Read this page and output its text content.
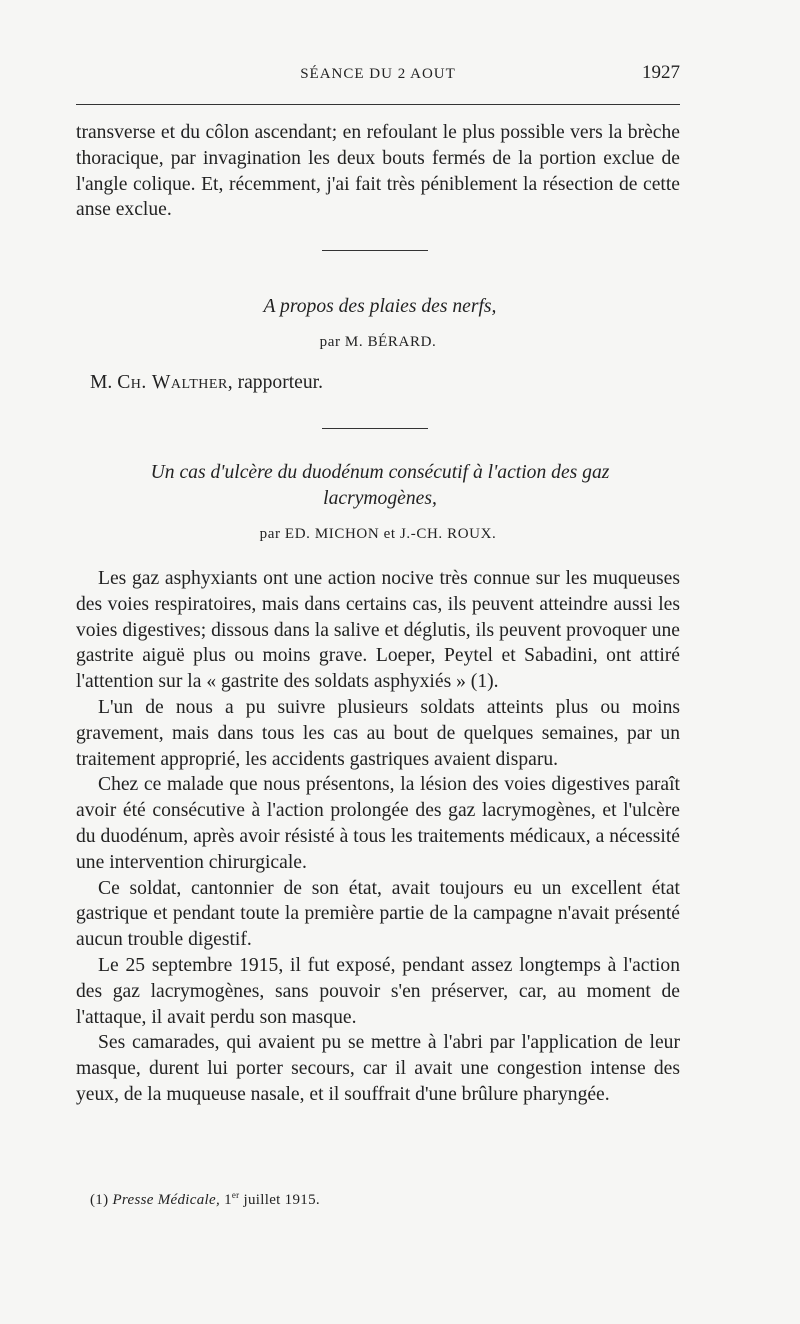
SÉANCE DU 2 AOUT	1927

transverse et du côlon ascendant; en refoulant le plus possible vers la brèche thoracique, par invagination les deux bouts fermés de la portion exclue de l'angle colique. Et, récemment, j'ai fait très péniblement la résection de cette anse exclue.

A propos des plaies des nerfs,
par M. BÉRARD.
M. Ch. Walther, rapporteur.
Un cas d'ulcère du duodénum consécutif à l'action des gaz
lacrymogènes,
par ED. MICHON et J.-CH. ROUX.

Les gaz asphyxiants ont une action nocive très connue sur les muqueuses des voies respiratoires, mais dans certains cas, ils peuvent atteindre aussi les voies digestives; dissous dans la salive et déglutis, ils peuvent provoquer une gastrite aiguë plus ou moins grave. Loeper, Peytel et Sabadini, ont attiré l'attention sur la « gastrite des soldats asphyxiés » (1).

L'un de nous a pu suivre plusieurs soldats atteints plus ou moins gravement, mais dans tous les cas au bout de quelques semaines, par un traitement approprié, les accidents gastriques avaient disparu.

Chez ce malade que nous présentons, la lésion des voies digestives paraît avoir été consécutive à l'action prolongée des gaz lacrymogènes, et l'ulcère du duodénum, après avoir résisté à tous les traitements médicaux, a nécessité une intervention chirurgicale.

Ce soldat, cantonnier de son état, avait toujours eu un excellent état gastrique et pendant toute la première partie de la campagne n'avait présenté aucun trouble digestif.

Le 25 septembre 1915, il fut exposé, pendant assez longtemps à l'action des gaz lacrymogènes, sans pouvoir s'en préserver, car, au moment de l'attaque, il avait perdu son masque.

Ses camarades, qui avaient pu se mettre à l'abri par l'application de leur masque, durent lui porter secours, car il avait une congestion intense des yeux, de la muqueuse nasale, et il souffrait d'une brûlure pharyngée.

(1) Presse Médicale, 1er juillet 1915.
